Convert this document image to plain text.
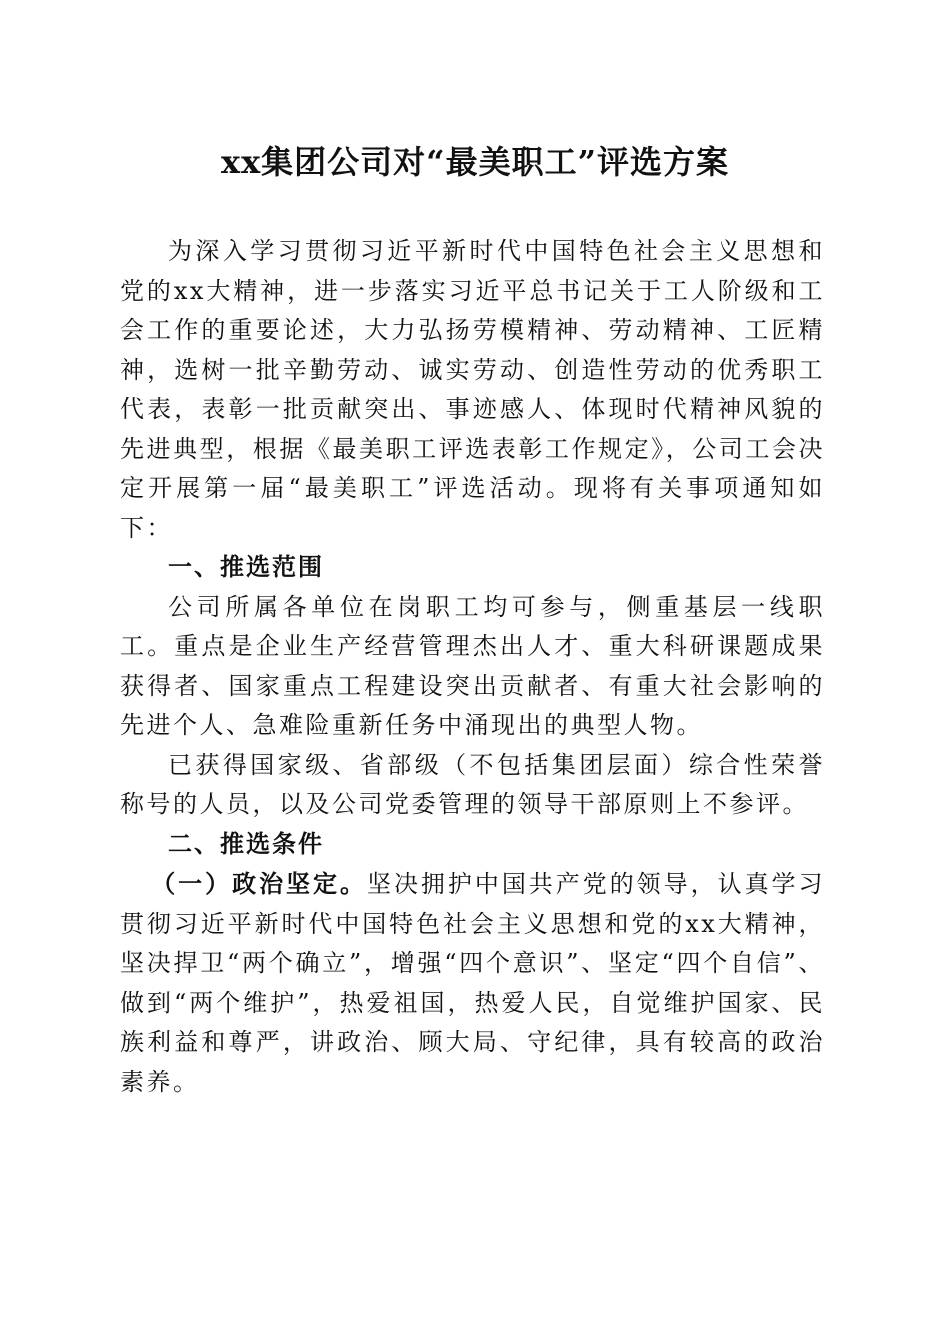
xx集团公司对“最美职工”评选方案

为深入学习贯彻习近平新时代中国特色社会主义思想和党的xx大精神，进一步落实习近平总书记关于工人阶级和工会工作的重要论述，大力弘扬劳模精神、劳动精神、工匠精神，选树一批辛勤劳动、诚实劳动、创造性劳动的优秀职工代表，表彰一批贡献突出、事迹感人、体现时代精神风貌的先进典型，根据《最美职工评选表彰工作规定》，公司工会决定开展第一届“最美职工”评选活动。现将有关事项通知如下：

一、推选范围

公司所属各单位在岗职工均可参与，侧重基层一线职工。重点是企业生产经营管理杰出人才、重大科研课题成果获得者、国家重点工程建设突出贡献者、有重大社会影响的先进个人、急难险重新任务中涌现出的典型人物。

已获得国家级、省部级（不包括集团层面）综合性荣誉称号的人员，以及公司党委管理的领导干部原则上不参评。

二、推选条件

（一）政治坚定。坚决拥护中国共产党的领导，认真学习贯彻习近平新时代中国特色社会主义思想和党的xx大精神，坚决捍卫“两个确立”，增强“四个意识”、坚定“四个自信”、做到“两个维护”，热爱祖国，热爱人民，自觉维护国家、民族利益和尊严，讲政治、顾大局、守纪律，具有较高的政治素养。
